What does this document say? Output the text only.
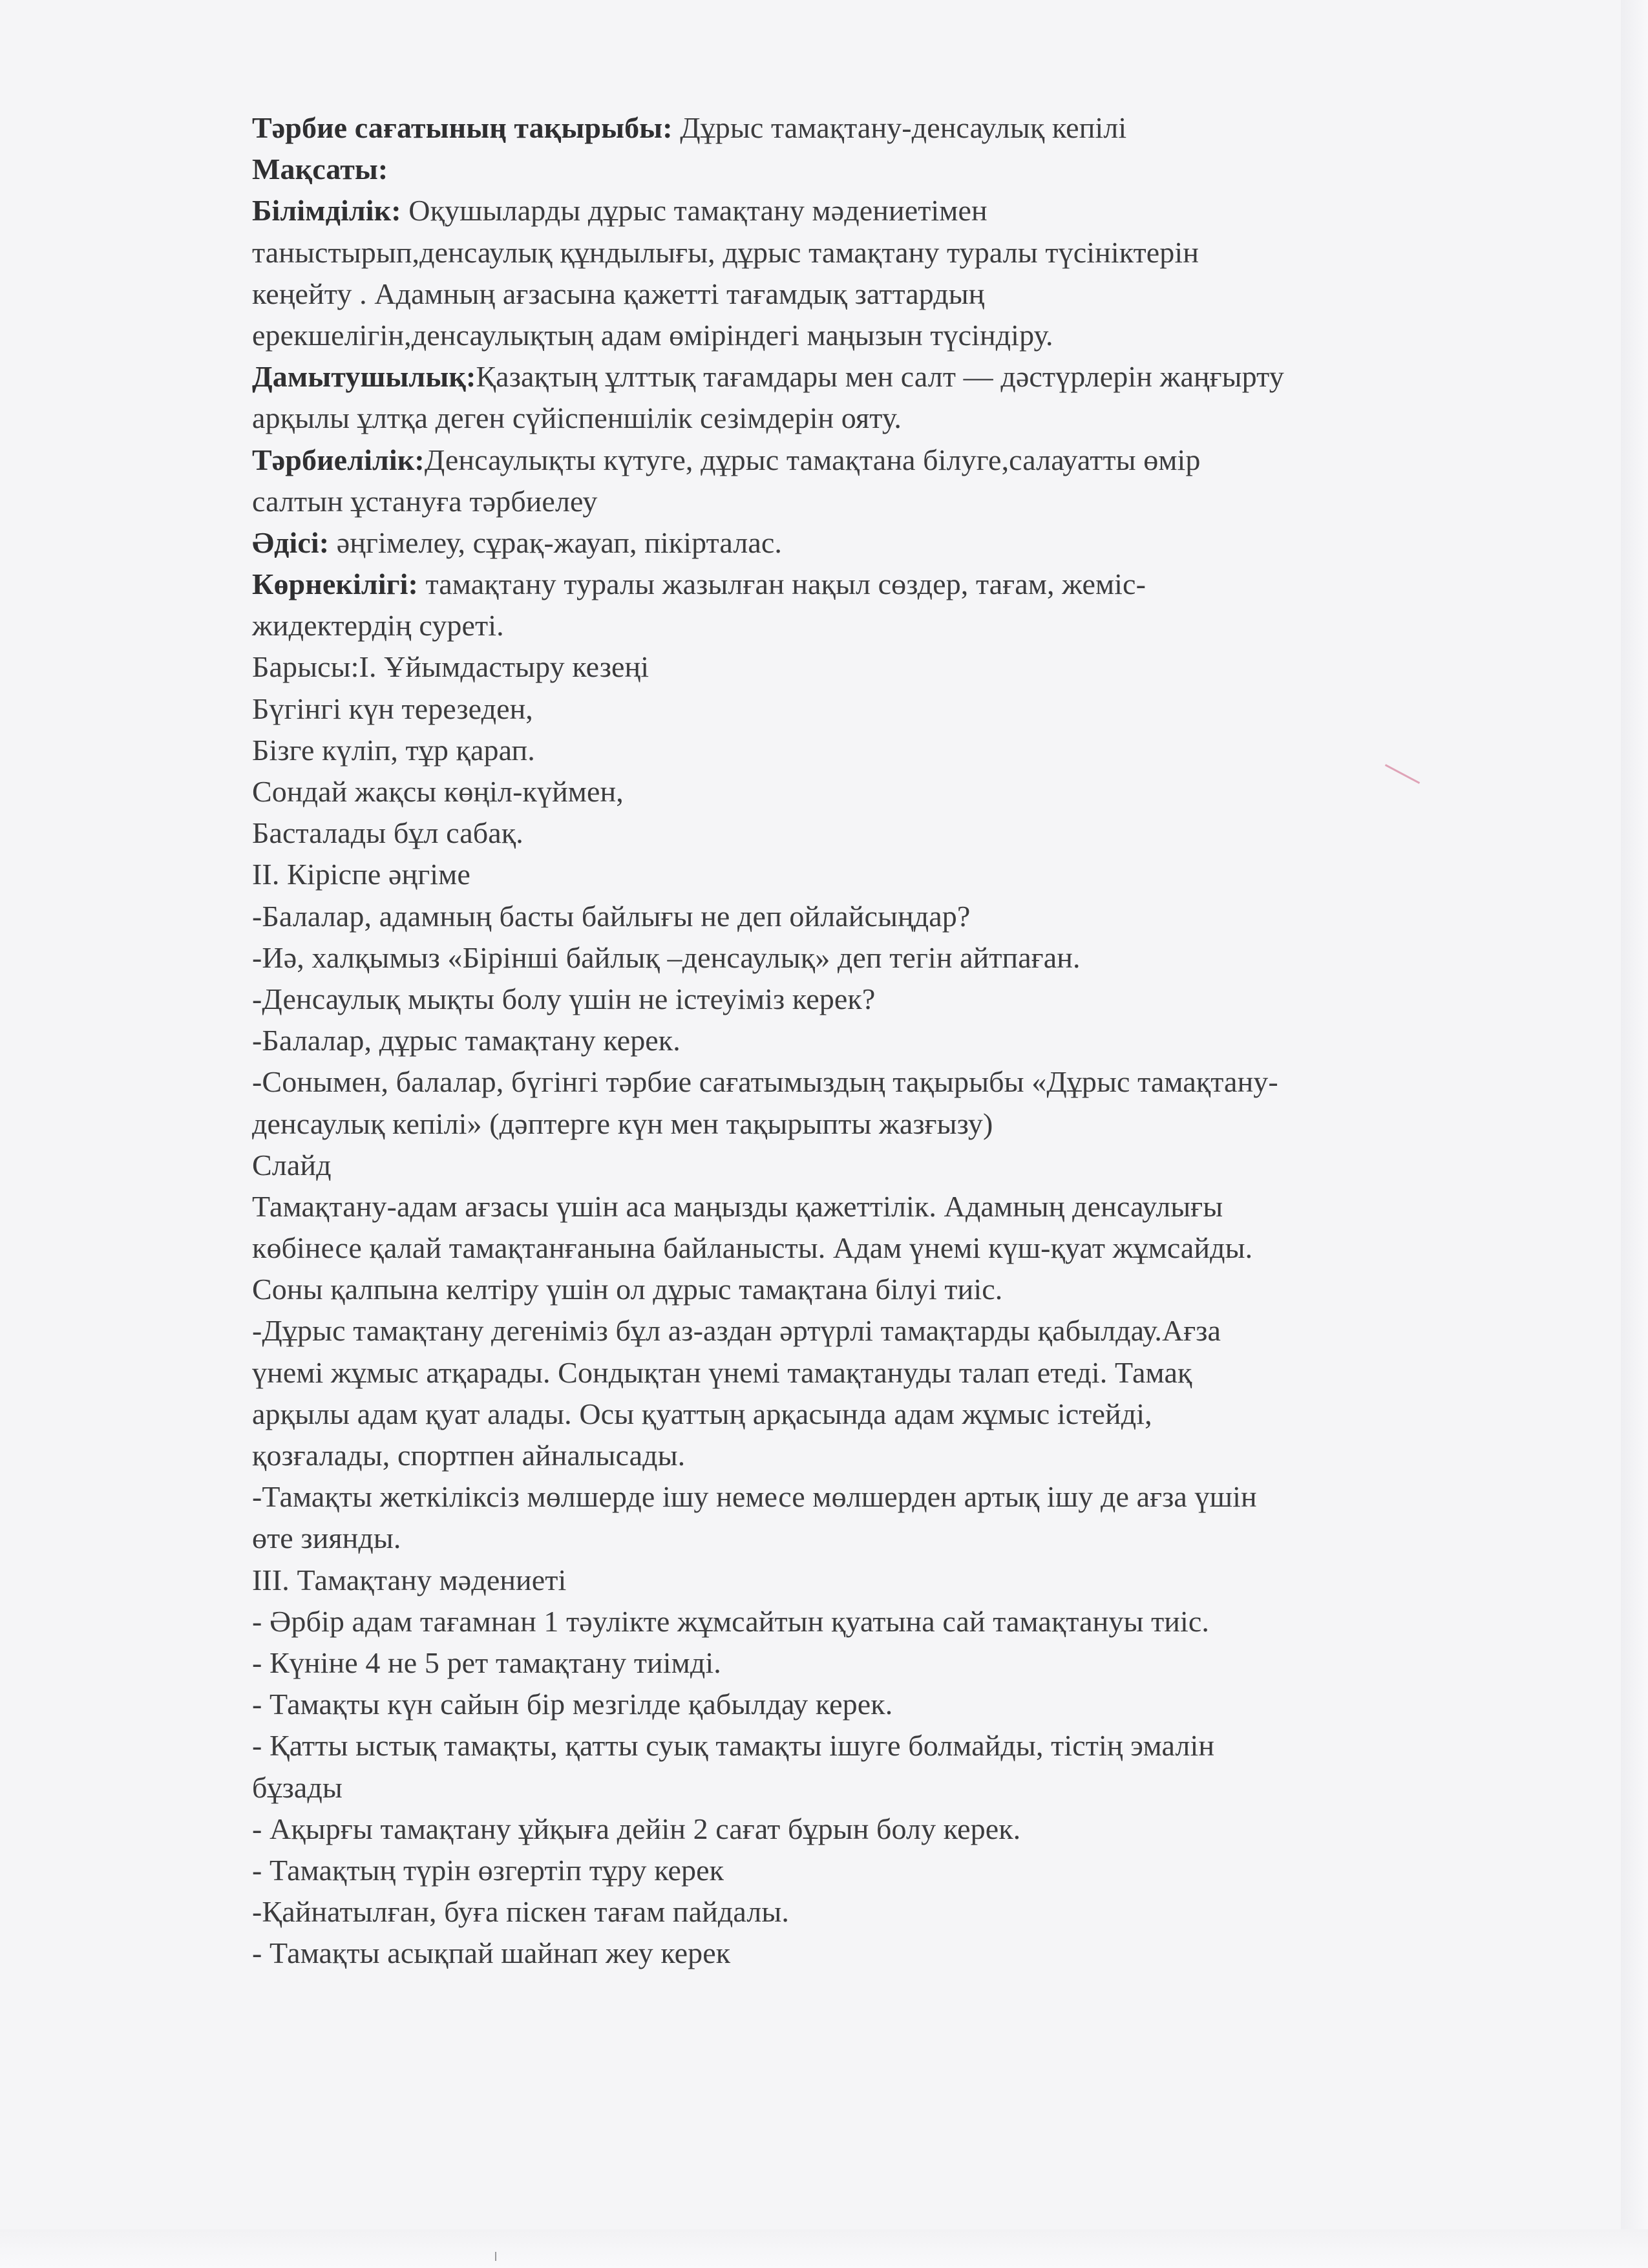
Тәрбие сағатының тақырыбы: Дұрыс тамақтану-денсаулық кепілі
Мақсаты:
Білімділік: Оқушыларды дұрыс тамақтану мәдениетімен
таныстырып,денсаулық құндылығы, дұрыс тамақтану туралы түсініктерін
кеңейту . Адамның ағзасына қажетті тағамдық заттардың
ерекшелігін,денсаулықтың адам өміріндегі маңызын түсіндіру.
Дамытушылық:Қазақтың ұлттық тағамдары мен салт — дәстүрлерін жаңғырту
арқылы ұлтқа деген сүйіспеншілік сезімдерін ояту.
Тәрбиелілік:Денсаулықты күтуге, дұрыс тамақтана білуге,салауатты өмір
салтын ұстануға тәрбиелеу
Әдісі: әңгімелеу, сұрақ-жауап, пікірталас.
Көрнекілігі: тамақтану туралы жазылған нақыл сөздер, тағам, жеміс-
жидектердің суреті.
Барысы:І. Ұйымдастыру кезеңі
Бүгінгі күн терезеден,
Бізге күліп, тұр қарап.
Сондай жақсы көңіл-күймен,
Басталады бұл сабақ.
ІІ. Кіріспе әңгіме
-Балалар, адамның басты байлығы не деп ойлайсыңдар?
-Иә, халқымыз «Бірінші байлық –денсаулық» деп тегін айтпаған.
-Денсаулық мықты болу үшін не істеуіміз керек?
-Балалар, дұрыс тамақтану керек.
-Сонымен, балалар, бүгінгі тәрбие сағатымыздың тақырыбы «Дұрыс тамақтану-
денсаулық кепілі» (дәптерге күн мен тақырыпты жазғызу)
Слайд
Тамақтану-адам ағзасы үшін аса маңызды қажеттілік. Адамның денсаулығы
көбінесе қалай тамақтанғанына байланысты. Адам үнемі күш-қуат жұмсайды.
Соны қалпына келтіру үшін ол дұрыс тамақтана білуі тиіс.
-Дұрыс тамақтану дегеніміз бұл аз-аздан әртүрлі тамақтарды қабылдау.Ағза
үнемі жұмыс атқарады. Сондықтан үнемі тамақтануды талап етеді. Тамақ
арқылы адам қуат алады. Осы қуаттың арқасында адам жұмыс істейді,
қозғалады, спортпен айналысады.
-Тамақты жеткіліксіз мөлшерде ішу немесе мөлшерден артық ішу де ағза үшін
өте зиянды.
ІІІ. Тамақтану мәдениеті
- Әрбір адам тағамнан 1 тәулікте жұмсайтын қуатына сай тамақтануы тиіс.
- Күніне 4 не 5 рет тамақтану тиімді.
- Тамақты күн сайын бір мезгілде қабылдау керек.
- Қатты ыстық тамақты, қатты суық тамақты ішуге болмайды, тістің эмалін
бұзады
- Ақырғы тамақтану ұйқыға дейін 2 сағат бұрын болу керек.
- Тамақтың түрін өзгертіп тұру керек
-Қайнатылған, буға піскен тағам пайдалы.
- Тамақты асықпай шайнап жеу керек
